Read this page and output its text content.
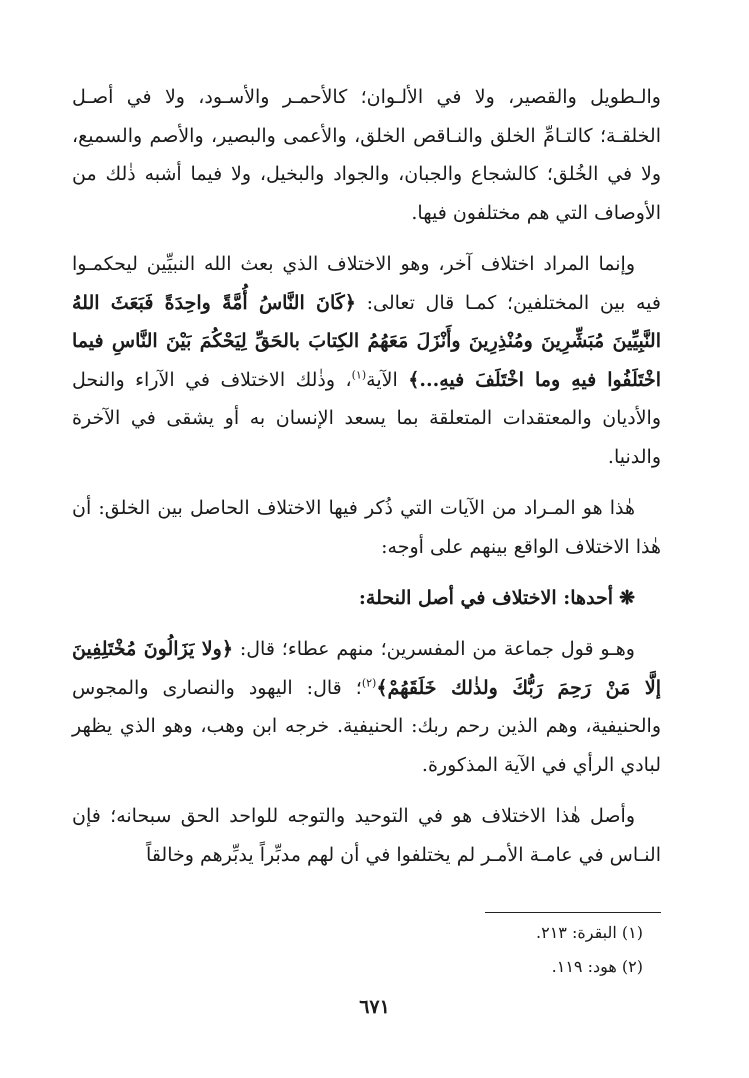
والـطويل والقصير، ولا في الألـوان؛ كالأحمـر والأسـود، ولا في أصـل الخلقـة؛ كالتـامِّ الخلق والنـاقص الخلق، والأعمى والبصير، والأصم والسميع، ولا في الخُلق؛ كالشجاع والجبان، والجواد والبخيل، ولا فيما أشبه ذٰلك من الأوصاف التي هم مختلفون فيها.

وإنما المراد اختلاف آخر، وهو الاختلاف الذي بعث الله النبيِّين ليحكمـوا فيه بين المختلفين؛ كمـا قال تعالى: ﴿كَانَ النَّاسُ أُمَّةً واحِدَةً فَبَعَثَ اللهُ النَّبِيِّينَ مُبَشِّرِينَ ومُنْذِرِينَ وأَنْزَلَ مَعَهُمُ الكِتابَ بالحَقِّ لِيَحْكُمَ بَيْنَ النَّاسِ فيما اخْتَلَفُوا فيهِ وما اخْتَلَفَ فيهِ...﴾ الآية$^{(١)}$، وذٰلك الاختلاف في الآراء والنحل والأديان والمعتقدات المتعلقة بما يسعد الإنسان به أو يشقى في الآخرة والدنيا.

هٰذا هو المـراد من الآيات التي ذُكر فيها الاختلاف الحاصل بين الخلق: أن هٰذا الاختلاف الواقع بينهم على أوجه:

❋أحدها: الاختلاف في أصل النحلة:

وهـو قول جماعة من المفسرين؛ منهم عطاء؛ قال: ﴿ولا يَزَالُونَ مُخْتَلِفِينَ إلَّا مَنْ رَحِمَ رَبُّكَ ولذٰلك خَلَقَهُمْ﴾$^{(٢)}$؛ قال: اليهود والنصارى والمجوس والحنيفية، وهم الذين رحم ربك: الحنيفية. خرجه ابن وهب، وهو الذي يظهر لبادي الرأي في الآية المذكورة.

وأصل هٰذا الاختلاف هو في التوحيد والتوجه للواحد الحق سبحانه؛ فإن النـاس في عامـة الأمـر لم يختلفوا في أن لهم مدبِّراً يدبِّرهم وخالقاً

(١) البقرة: ٢١٣.
(٢) هود: ١١٩.
٦٧١
